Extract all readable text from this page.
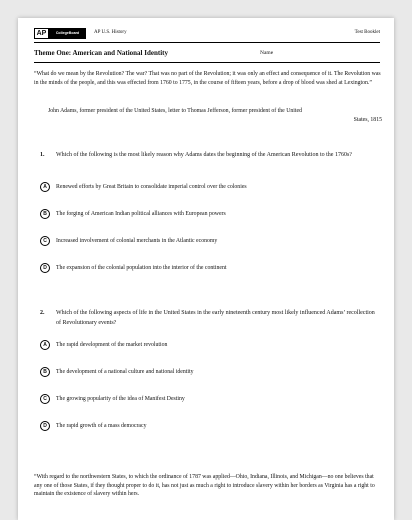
AP	CollegeBoard	AP U.S. History	Test Booklet
Theme One: American and National Identity	Name
“What do we mean by the Revolution? The war? That was no part of the Revolution; it was only an effect and consequence of it. The Revolution was in the minds of the people, and this was effected from 1760 to 1775, in the course of fifteen years, before a drop of blood was shed at Lexington.”
John Adams, former president of the United States, letter to Thomas Jefferson, former president of the United
States, 1815
1.	Which of the following is the most likely reason why Adams dates the beginning of the American Revolution to the 1760s?
A	Renewed efforts by Great Britain to consolidate imperial control over the colonies
B	The forging of American Indian political alliances with European powers
C	Increased involvement of colonial merchants in the Atlantic economy
D	The expansion of the colonial population into the interior of the continent
2.	Which of the following aspects of life in the United States in the early nineteenth century most likely influenced Adams’ recollection of Revolutionary events?
A	The rapid development of the market revolution
B	The development of a national culture and national identity
C	The growing popularity of the idea of Manifest Destiny
D	The rapid growth of a mass democracy
“With regard to the northwestern States, to which the ordinance of 1787 was applied—Ohio, Indiana, Illinois, and Michigan—no one believes that any one of those States, if they thought proper to do it, has not just as much a right to introduce slavery within her borders as Virginia has a right to maintain the existence of slavery within hers.
